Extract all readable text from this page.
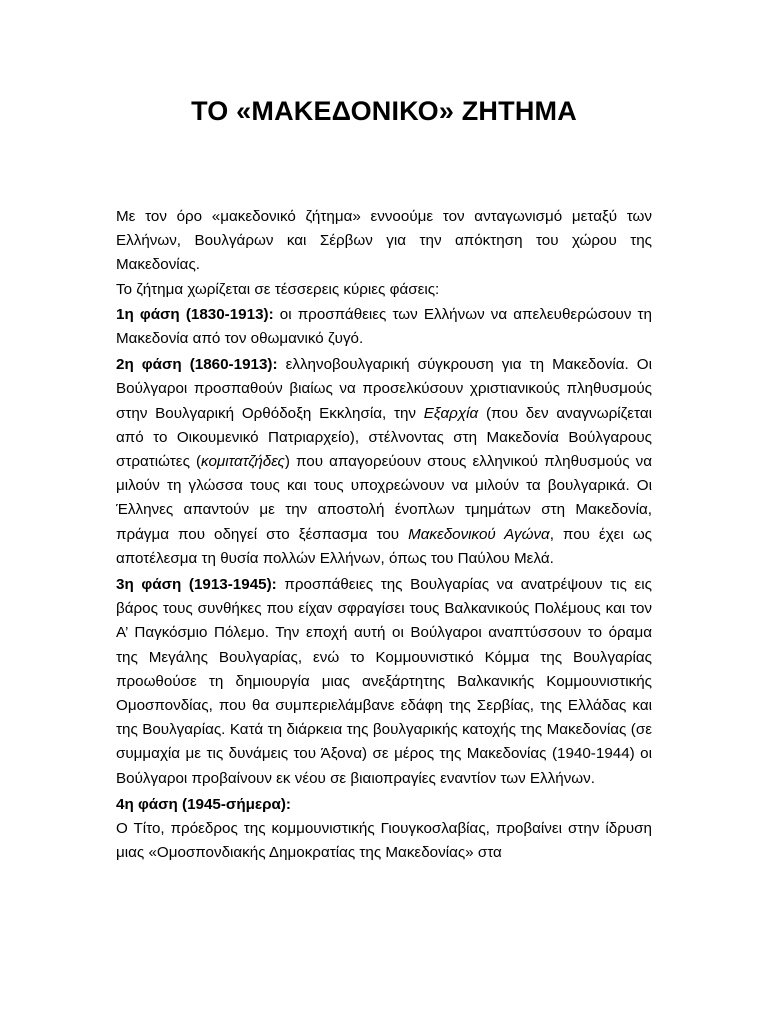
ΤΟ «ΜΑΚΕΔΟΝΙΚΟ» ΖΗΤΗΜΑ

Με τον όρο «μακεδονικό ζήτημα» εννοούμε τον ανταγωνισμό μεταξύ των Ελλήνων, Βουλγάρων και Σέρβων για την απόκτηση του χώρου της Μακεδονίας.

Το ζήτημα χωρίζεται σε τέσσερεις κύριες φάσεις:

1η φάση (1830-1913): οι προσπάθειες των Ελλήνων να απελευθερώσουν τη Μακεδονία από τον οθωμανικό ζυγό.

2η φάση (1860-1913): ελληνοβουλγαρική σύγκρουση για τη Μακεδονία. Οι Βούλγαροι προσπαθούν βιαίως να προσελκύσουν χριστιανικούς πληθυσμούς στην Βουλγαρική Ορθόδοξη Εκκλησία, την Εξαρχία (που δεν αναγνωρίζεται από το Οικουμενικό Πατριαρχείο), στέλνοντας στη Μακεδονία Βούλγαρους στρατιώτες (κομιτατζήδες) που απαγορεύουν στους ελληνικού πληθυσμούς να μιλούν τη γλώσσα τους και τους υποχρεώνουν να μιλούν τα βουλγαρικά. Οι Έλληνες απαντούν με την αποστολή ένοπλων τμημάτων στη Μακεδονία, πράγμα που οδηγεί στο ξέσπασμα του Μακεδονικού Αγώνα, που έχει ως αποτέλεσμα τη θυσία πολλών Ελλήνων, όπως του Παύλου Μελά.

3η φάση (1913-1945): προσπάθειες της Βουλγαρίας να ανατρέψουν τις εις βάρος τους συνθήκες που είχαν σφραγίσει τους Βαλκανικούς Πολέμους και τον Α’ Παγκόσμιο Πόλεμο. Την εποχή αυτή οι Βούλγαροι αναπτύσσουν το όραμα της Μεγάλης Βουλγαρίας, ενώ το Κομμουνιστικό Κόμμα της Βουλγαρίας προωθούσε τη δημιουργία μιας ανεξάρτητης Βαλκανικής Κομμουνιστικής Ομοσπονδίας, που θα συμπεριελάμβανε εδάφη της Σερβίας, της Ελλάδας και της Βουλγαρίας. Κατά τη διάρκεια της βουλγαρικής κατοχής της Μακεδονίας (σε συμμαχία με τις δυνάμεις του Άξονα) σε μέρος της Μακεδονίας (1940-1944) οι Βούλγαροι προβαίνουν εκ νέου σε βιαιοπραγίες εναντίον των Ελλήνων.

4η φάση (1945-σήμερα):

Ο Τίτο, πρόεδρος της κομμουνιστικής Γιουγκοσλαβίας, προβαίνει στην ίδρυση μιας «Ομοσπονδιακής Δημοκρατίας της Μακεδονίας» στα
